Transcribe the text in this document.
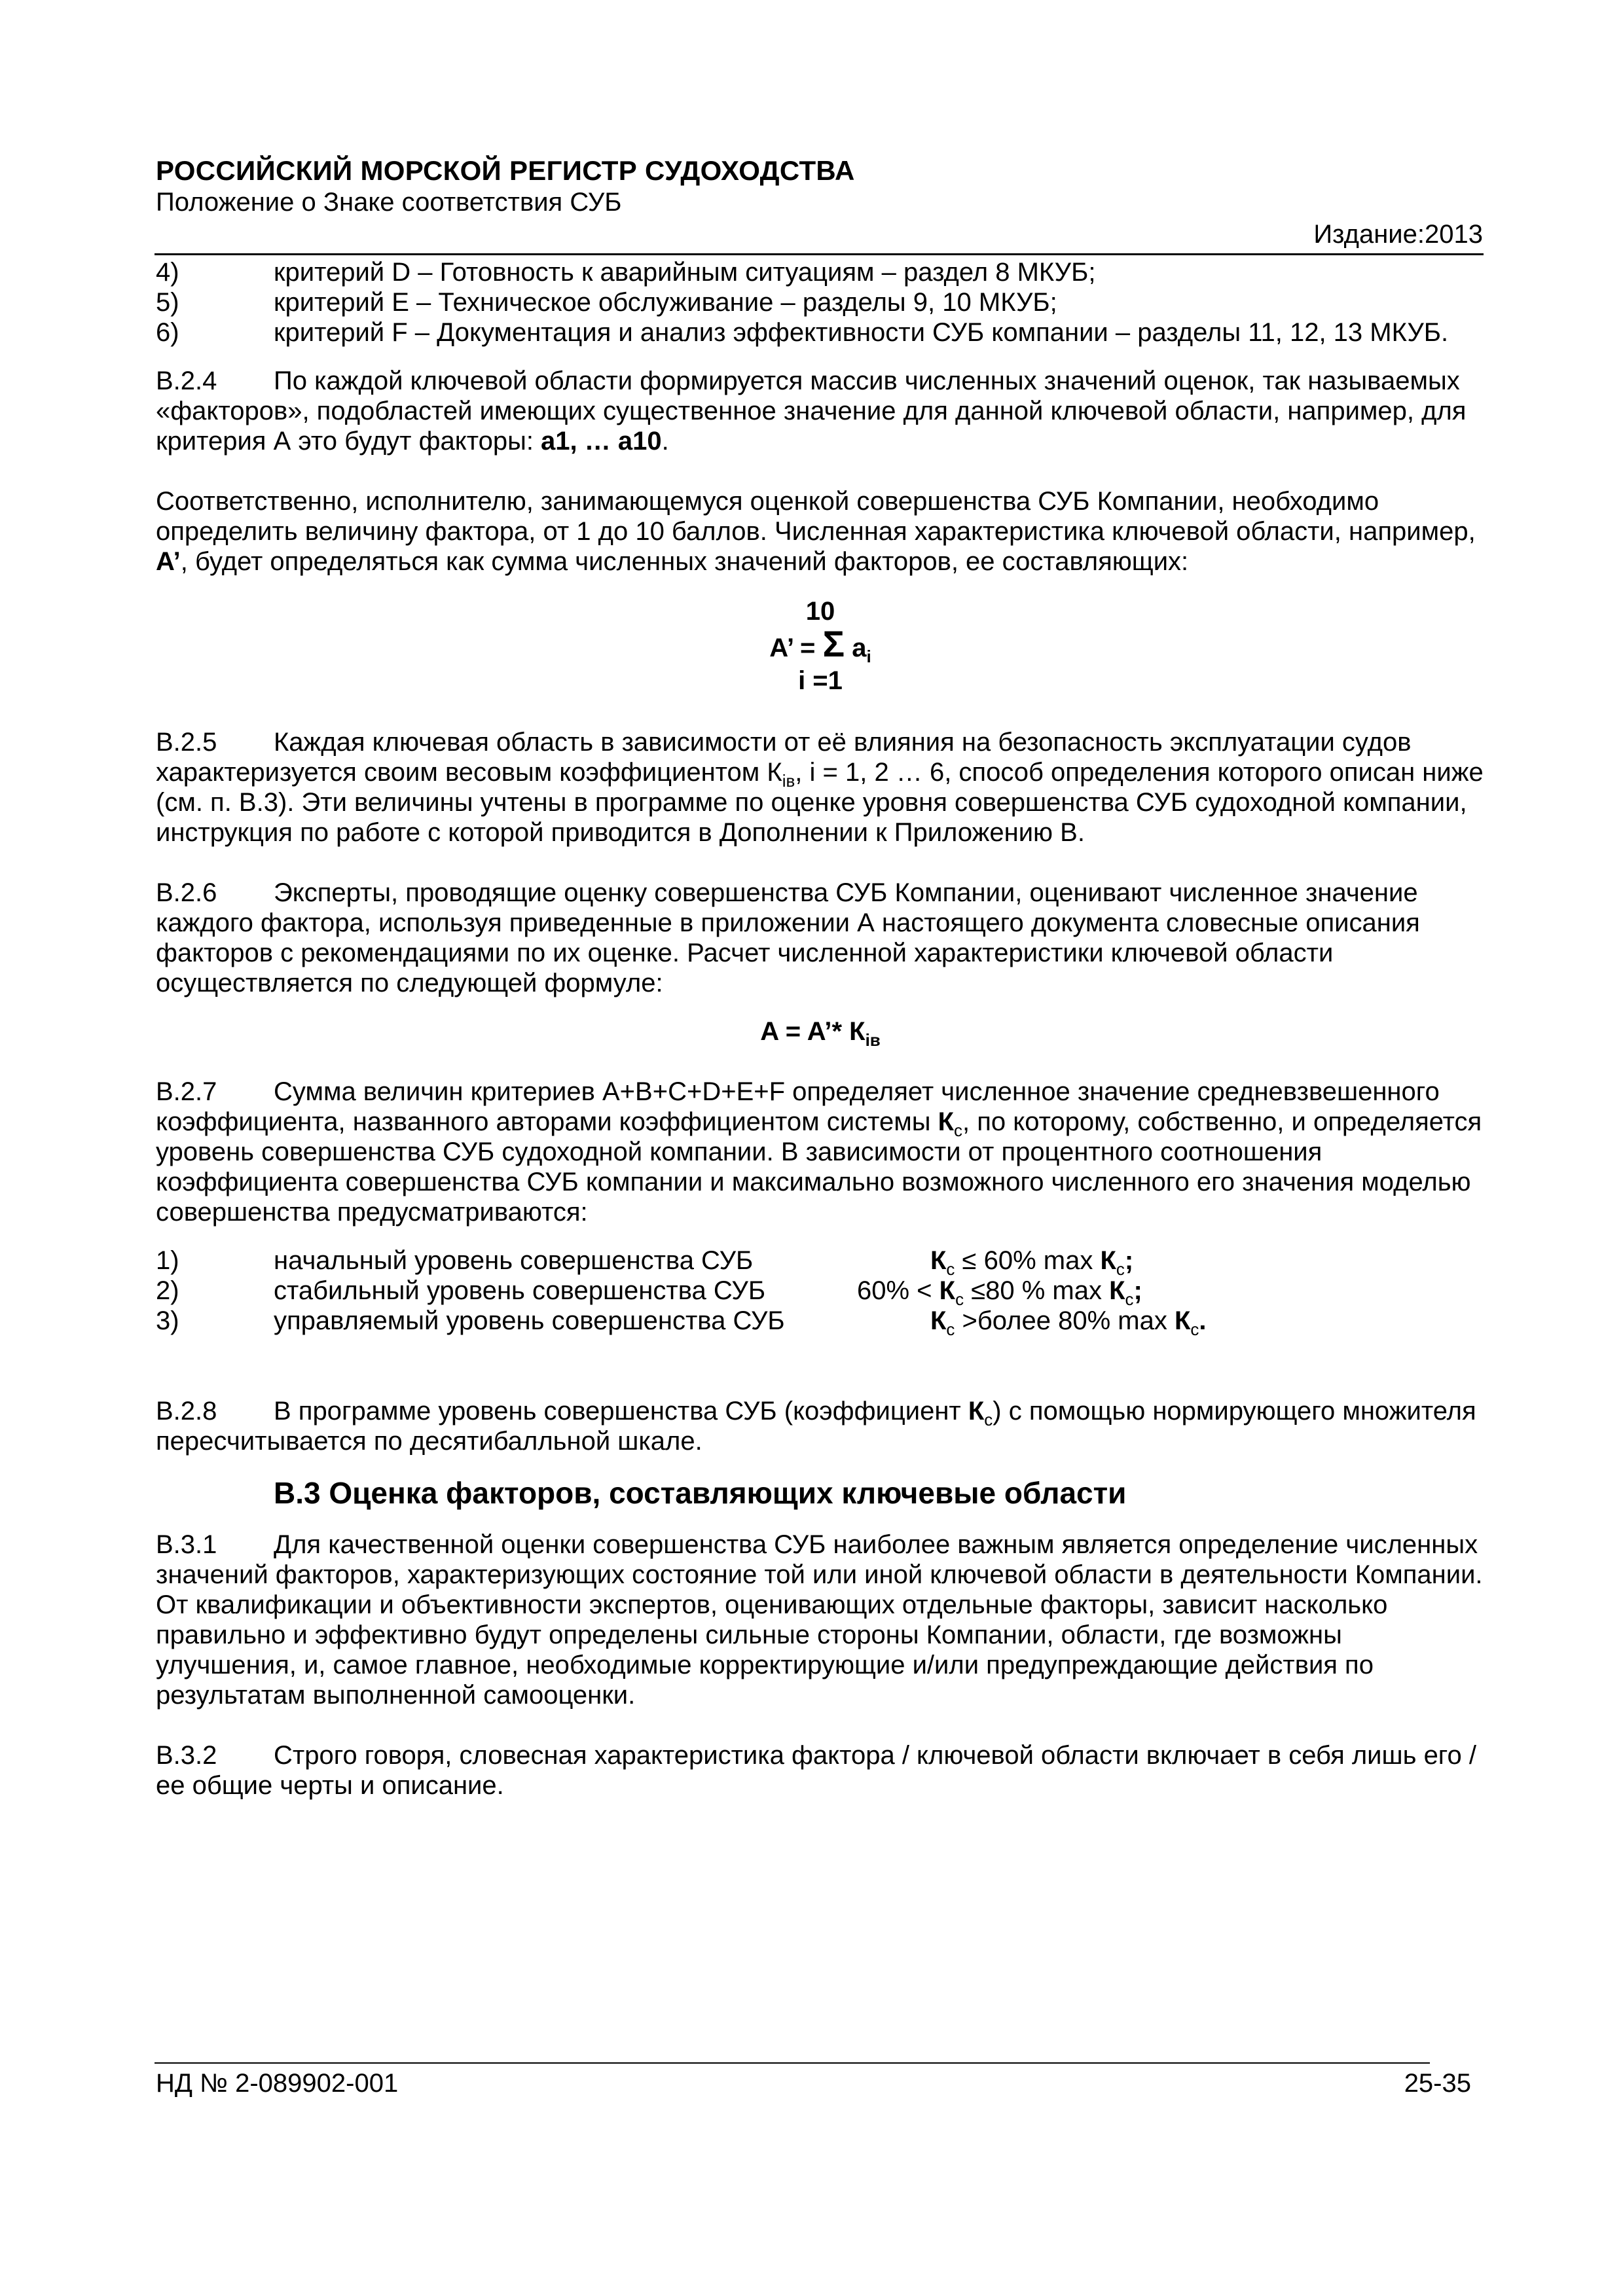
РОССИЙСКИЙ МОРСКОЙ РЕГИСТР СУДОХОДСТВА
Положение о Знаке соответствия СУБ
Издание:2013
4)	критерий D – Готовность к аварийным ситуациям – раздел 8 МКУБ;
5)	критерий E – Техническое обслуживание – разделы 9, 10 МКУБ;
6)	критерий F – Документация и анализ эффективности СУБ компании – разделы 11, 12, 13 МКУБ.
B.2.4 По каждой ключевой области формируется массив численных значений оценок, так называемых «факторов», подобластей имеющих существенное значение для данной ключевой области, например, для критерия А это будут факторы: a1, … a10.
Соответственно, исполнителю, занимающемуся оценкой совершенства СУБ Компании, необходимо определить величину фактора, от 1 до 10 баллов. Численная характеристика ключевой области, например, A’, будет определяться как сумма численных значений факторов, ее составляющих:
10
A’ = Σ $a_i$
i =1
B.2.5 Каждая ключевая область в зависимости от её влияния на безопасность эксплуатации судов характеризуется своим весовым коэффициентом $К_{iв}$, i = 1, 2 … 6, способ определения которого описан ниже (см. п. B.3). Эти величины учтены в программе по оценке уровня совершенства СУБ судоходной компании, инструкция по работе с которой приводится в Дополнении к Приложению В.
B.2.6 Эксперты, проводящие оценку совершенства СУБ Компании, оценивают численное значение каждого фактора, используя приведенные в приложении А настоящего документа словесные описания факторов с рекомендациями по их оценке. Расчет численной характеристики ключевой области осуществляется по следующей формуле:
A = A’* $К_{iв}$
B.2.7 Сумма величин критериев A+B+C+D+E+F определяет численное значение средневзвешенного коэффициента, названного авторами коэффициентом системы $К_c$, по которому, собственно, и определяется уровень совершенства СУБ судоходной компании. В зависимости от процентного соотношения коэффициента совершенства СУБ компании и максимально возможного численного его значения моделью совершенства предусматриваются:
1)	начальный уровень совершенства СУБ	$К_c \le 60\%$ $\max К_c$;
2)	стабильный уровень совершенства СУБ	$60\% < К_c \le 80$ % $\max К_c$;
3)	управляемый уровень совершенства СУБ	$К_c$ >более 80% $\max К_c$.
B.2.8 В программе уровень совершенства СУБ (коэффициент $К_c$) с помощью нормирующего множителя пересчитывается по десятибалльной шкале.
B.3 Оценка факторов, составляющих ключевые области
B.3.1 Для качественной оценки совершенства СУБ наиболее важным является определение численных значений факторов, характеризующих состояние той или иной ключевой области в деятельности Компании. От квалификации и объективности экспертов, оценивающих отдельные факторы, зависит насколько правильно и эффективно будут определены сильные стороны Компании, области, где возможны улучшения, и, самое главное, необходимые корректирующие и/или предупреждающие действия по результатам выполненной самооценки.
B.3.2 Строго говоря, словесная характеристика фактора / ключевой области включает в себя лишь его / ее общие черты и описание.
НД № 2-089902-001	25-35
